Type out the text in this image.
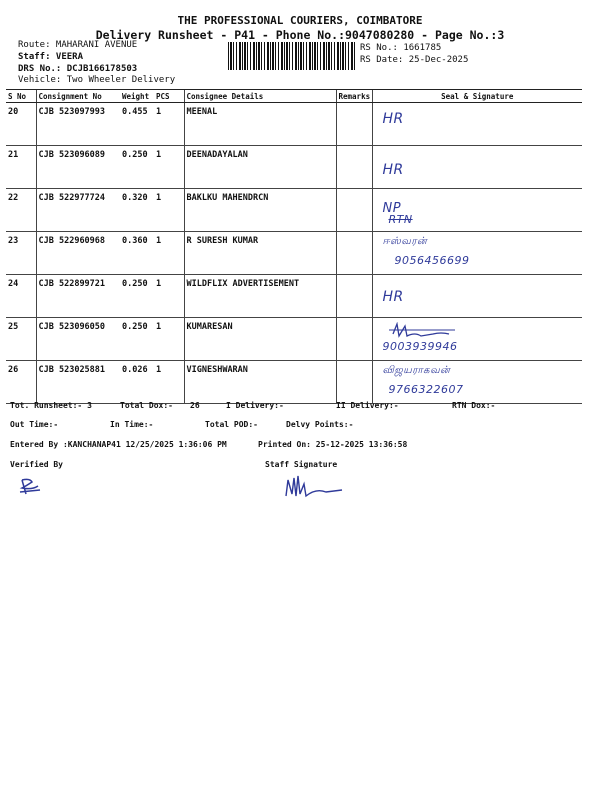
THE PROFESSIONAL COURIERS, COIMBATORE
Delivery Runsheet - P41 - Phone No.:9047080280 - Page No.:3
Route: MAHARANI AVENUE
Staff: VEERA
DRS No.: DCJB166178503
Vehicle: Two Wheeler Delivery
RS No.: 1661785
RS Date: 25-Dec-2025
S No	Consignment No	Weight	PCS	Consignee Details	Remarks	Seal & Signature
20	CJB 523097993	0.455	1	MEENAL		HR

21	CJB 523096089	0.250	1	DEENADAYALAN		HR

22	CJB 522977724	0.320	1	BAKLKU MAHENDRCN		NP
RTN

23	CJB 522960968	0.360	1	R SURESH KUMAR		ஈஸ்வரன்
9056456699

24	CJB 522899721	0.250	1	WILDFLIX ADVERTISEMENT		HR

25	CJB 523096050	0.250	1	KUMARESAN		9003939946

26	CJB 523025881	0.026	1	VIGNESHWARAN		விஜயராகவன்
9766322607
Tot. Runsheet:- 3	Total Dox:- 26	I Delivery:-	II Delivery:-	RTN Dox:-
Out Time:-	In Time:-	Total POD:-	Delvy Points:-
Entered By :KANCHANAP41 12/25/2025 1:36:06 PM	Printed On: 25-12-2025 13:36:58
Verified By	Staff Signature
